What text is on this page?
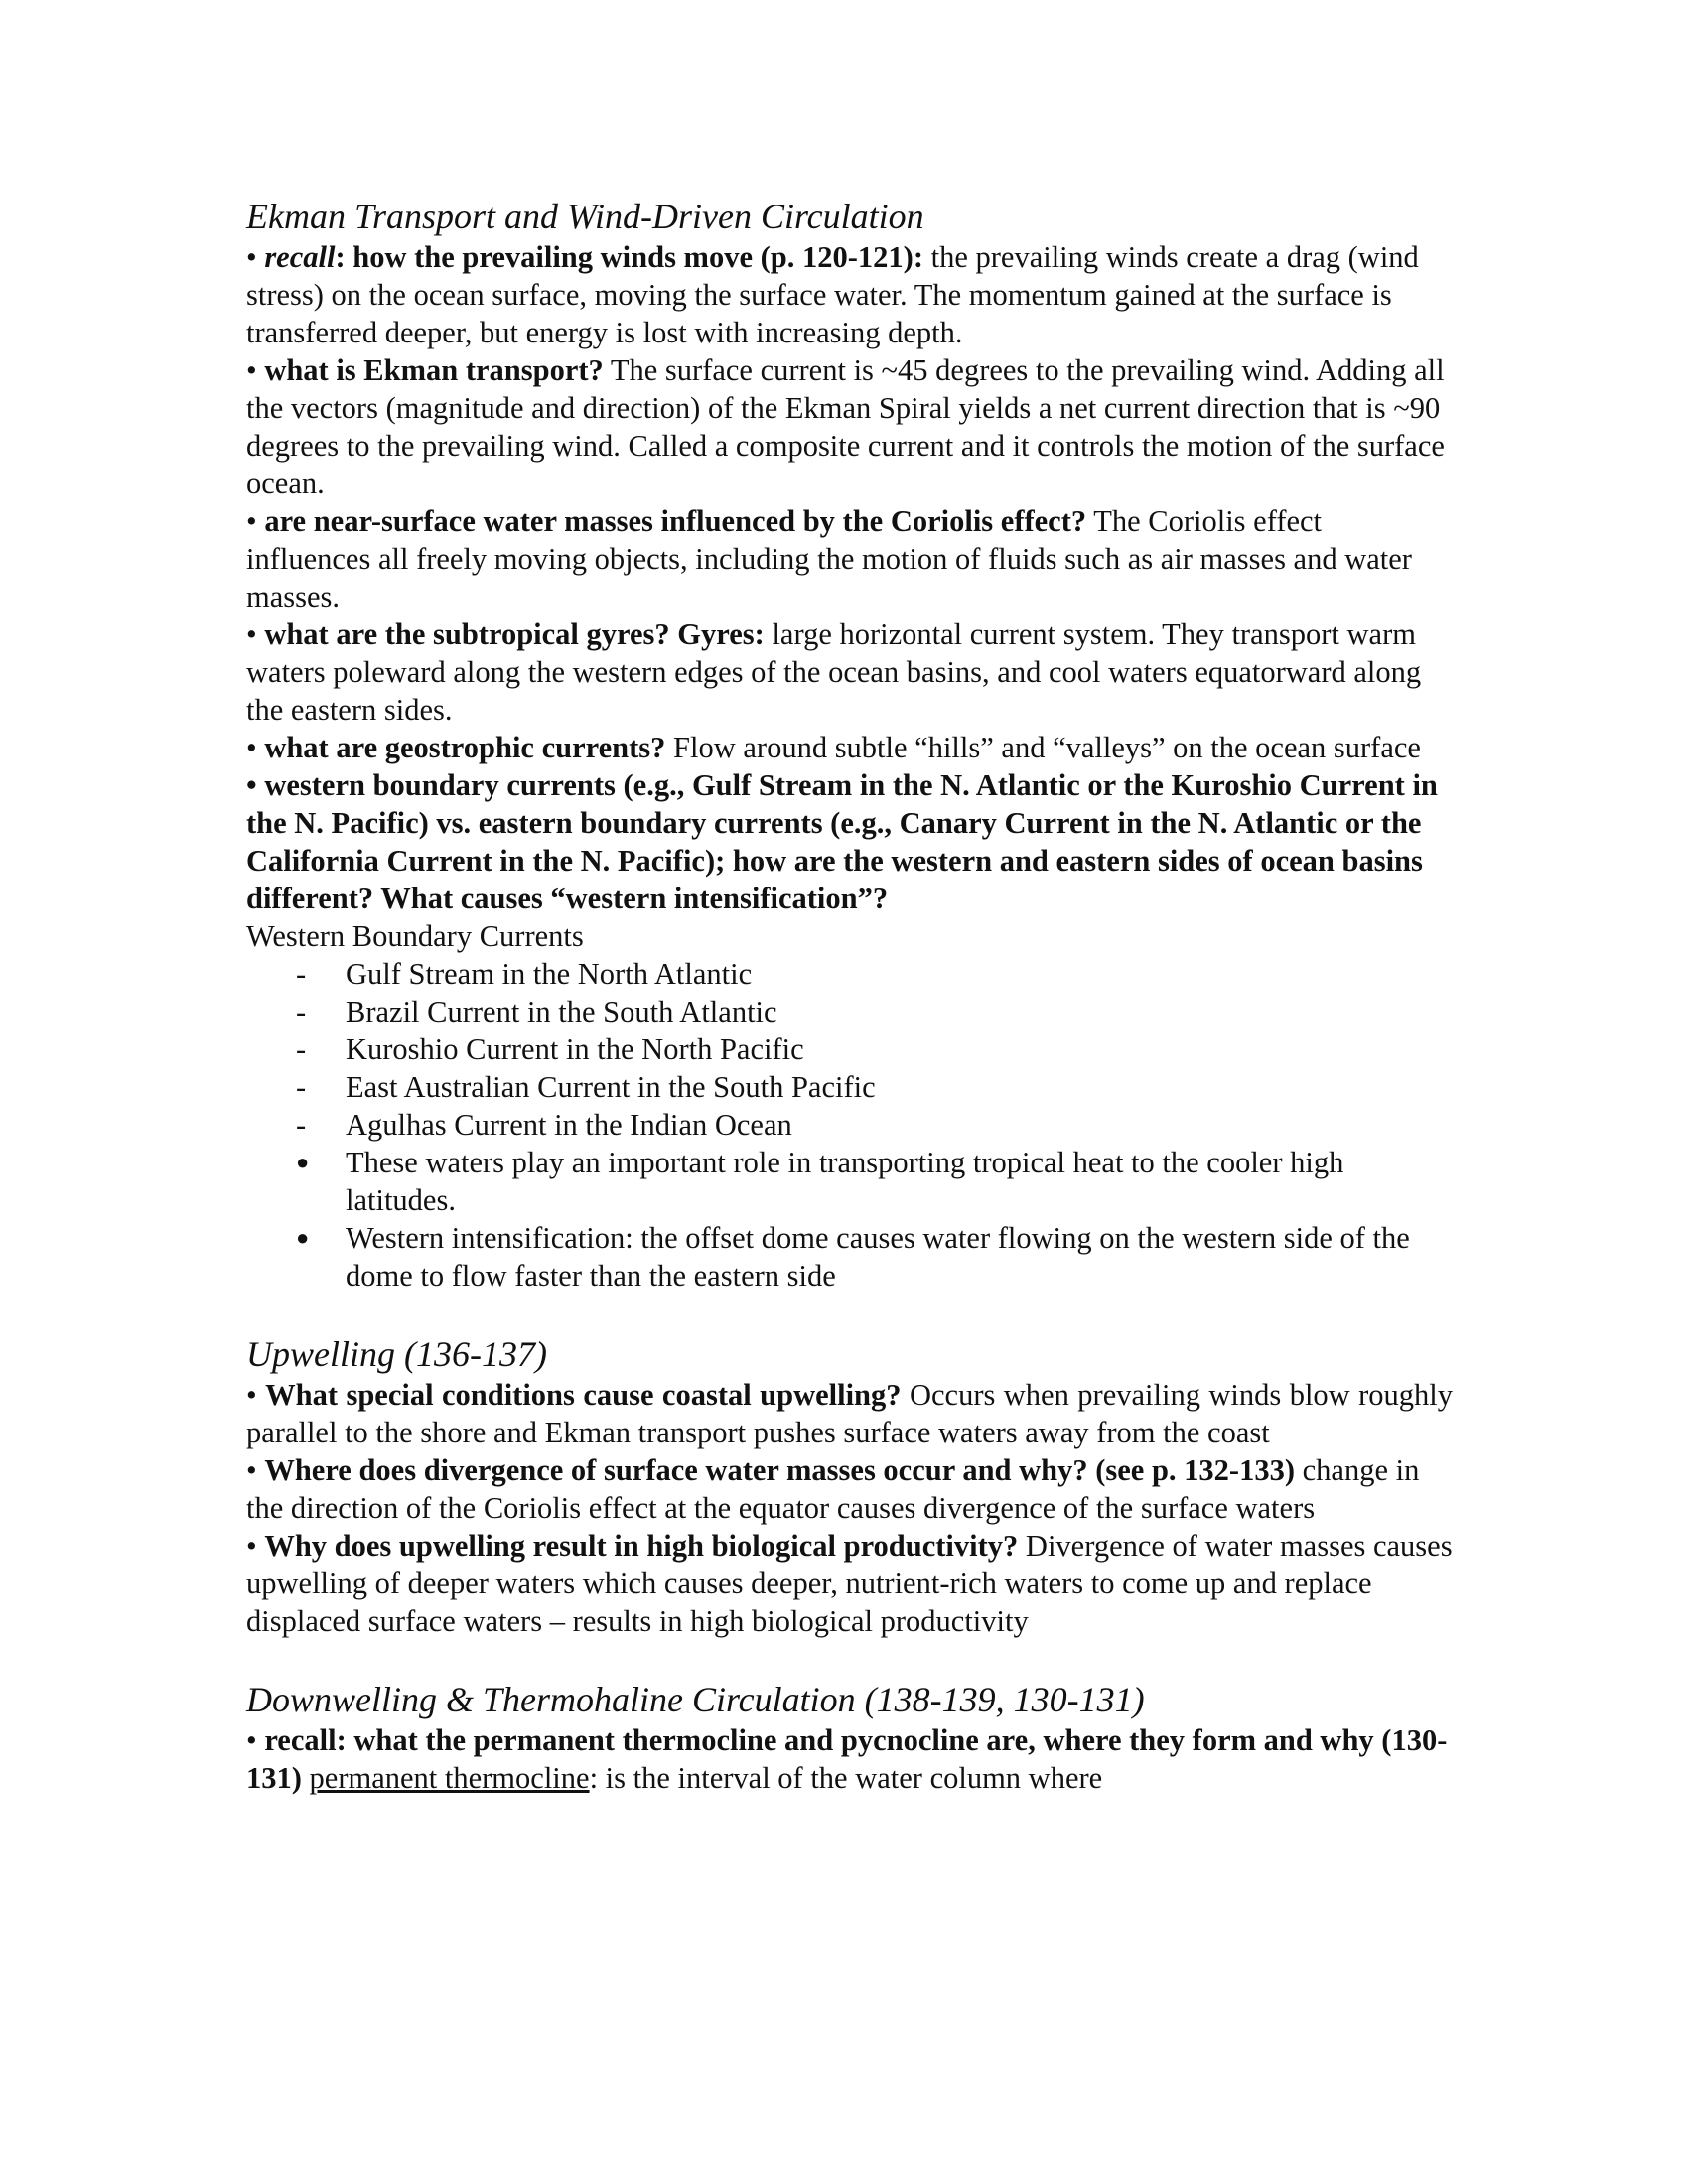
Ekman Transport and Wind-Driven Circulation

• recall: how the prevailing winds move (p. 120-121): the prevailing winds create a drag (wind stress) on the ocean surface, moving the surface water. The momentum gained at the surface is transferred deeper, but energy is lost with increasing depth.

• what is Ekman transport? The surface current is ~45 degrees to the prevailing wind. Adding all the vectors (magnitude and direction) of the Ekman Spiral yields a net current direction that is ~90 degrees to the prevailing wind. Called a composite current and it controls the motion of the surface ocean.

• are near-surface water masses influenced by the Coriolis effect? The Coriolis effect influences all freely moving objects, including the motion of fluids such as air masses and water masses.

• what are the subtropical gyres? Gyres: large horizontal current system. They transport warm waters poleward along the western edges of the ocean basins, and cool waters equatorward along the eastern sides.

• what are geostrophic currents? Flow around subtle “hills” and “valleys” on the ocean surface

• western boundary currents (e.g., Gulf Stream in the N. Atlantic or the Kuroshio Current in the N. Pacific) vs. eastern boundary currents (e.g., Canary Current in the N. Atlantic or the California Current in the N. Pacific); how are the western and eastern sides of ocean basins different? What causes “western intensification”?

Western Boundary Currents

-	Gulf Stream in the North Atlantic
-	Brazil Current in the South Atlantic
-	Kuroshio Current in the North Pacific
-	East Australian Current in the South Pacific
-	Agulhas Current in the Indian Ocean
●	These waters play an important role in transporting tropical heat to the cooler high latitudes.
●	Western intensification: the offset dome causes water flowing on the western side of the dome to flow faster than the eastern side
Upwelling (136-137)

• What special conditions cause coastal upwelling? Occurs when prevailing winds blow roughly parallel to the shore and Ekman transport pushes surface waters away from the coast

• Where does divergence of surface water masses occur and why? (see p. 132-133) change in the direction of the Coriolis effect at the equator causes divergence of the surface waters

• Why does upwelling result in high biological productivity? Divergence of water masses causes upwelling of deeper waters which causes deeper, nutrient-rich waters to come up and replace displaced surface waters – results in high biological productivity

Downwelling & Thermohaline Circulation (138-139, 130-131)

• recall: what the permanent thermocline and pycnocline are, where they form and why (130-131) permanent thermocline: is the interval of the water column where
